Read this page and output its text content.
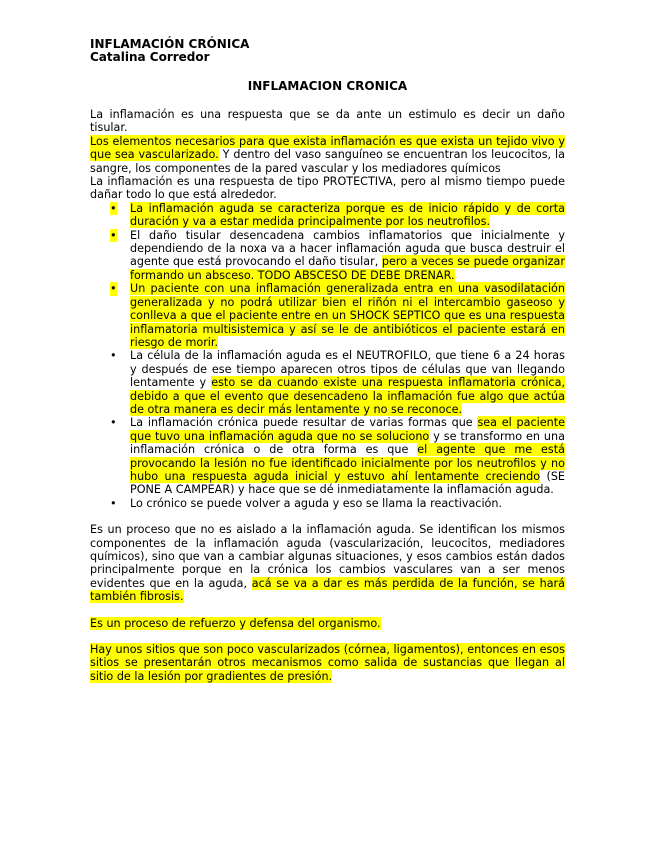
INFLAMACIÓN CRÓNICA
Catalina Corredor
INFLAMACION CRONICA

La inflamación es una respuesta que se da ante un estimulo es decir un daño tisular.

Los elementos necesarios para que exista inflamación es que exista un tejido vivo y que sea vascularizado. Y dentro del vaso sanguíneo se encuentran los leucocitos, la sangre, los componentes de la pared vascular y los mediadores químicos

La inflamación es una respuesta de tipo PROTECTIVA, pero al mismo tiempo puede dañar todo lo que está alrededor.

• La inflamación aguda se caracteriza porque es de inicio rápido y de corta duración y va a estar medida principalmente por los neutrofilos.
• El daño tisular desencadena cambios inflamatorios que inicialmente y dependiendo de la noxa va a hacer inflamación aguda que busca destruir el agente que está provocando el daño tisular, pero a veces se puede organizar formando un absceso. TODO ABSCESO DE DEBE DRENAR.
• Un paciente con una inflamación generalizada entra en una vasodilatación generalizada y no podrá utilizar bien el riñón ni el intercambio gaseoso y conlleva a que el paciente entre en un SHOCK SEPTICO que es una respuesta inflamatoria multisistemica y así se le de antibióticos el paciente estará en riesgo de morir.
• La célula de la inflamación aguda es el NEUTROFILO, que tiene 6 a 24 horas y después de ese tiempo aparecen otros tipos de células que van llegando lentamente y esto se da cuando existe una respuesta inflamatoria crónica, debido a que el evento que desencadeno la inflamación fue algo que actúa de otra manera es decir más lentamente y no se reconoce.
• La inflamación crónica puede resultar de varias formas que sea el paciente que tuvo una inflamación aguda que no se soluciono y se transformo en una inflamación crónica o de otra forma es que el agente que me está provocando la lesión no fue identificado inicialmente por los neutrofilos y no hubo una respuesta aguda inicial y estuvo ahí lentamente creciendo (SE PONE A CAMPEAR) y hace que se dé inmediatamente la inflamación aguda.
• Lo crónico se puede volver a aguda y eso se llama la reactivación.

Es un proceso que no es aislado a la inflamación aguda. Se identifican los mismos componentes de la inflamación aguda (vascularización, leucocitos, mediadores químicos), sino que van a cambiar algunas situaciones, y esos cambios están dados principalmente porque en la crónica los cambios vasculares van a ser menos evidentes que en la aguda, acá se va a dar es más perdida de la función, se hará también fibrosis.

Es un proceso de refuerzo y defensa del organismo.

Hay unos sitios que son poco vascularizados (córnea, ligamentos), entonces en esos sitios se presentarán otros mecanismos como salida de sustancias que llegan al sitio de la lesión por gradientes de presión.
